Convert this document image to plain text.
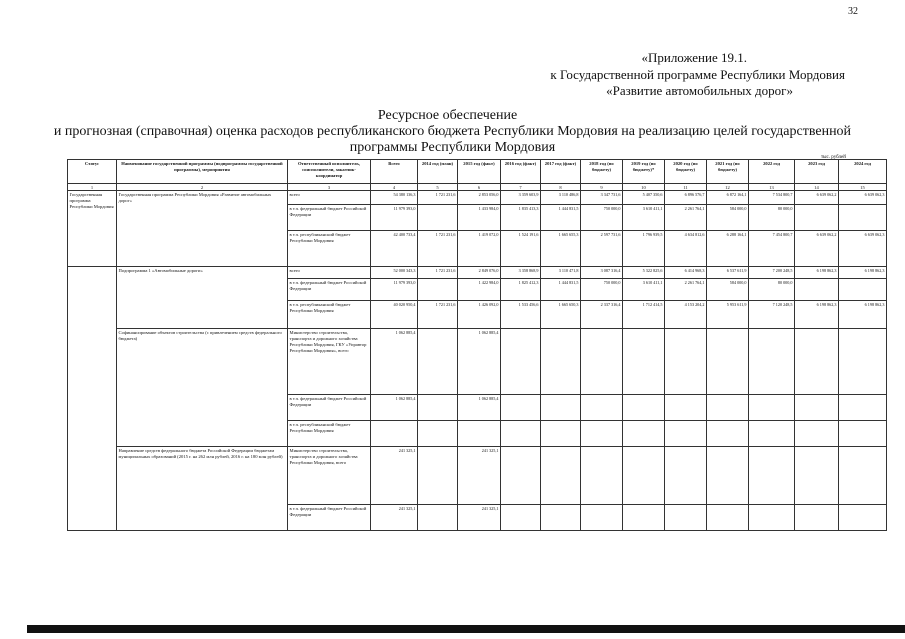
32
«Приложение 19.1.
к Государственной программе Республики Мордовия
«Развитие автомобильных дорог»
Ресурсное обеспечение
и прогнозная (справочная) оценка расходов республиканского бюджета Республики Мордовия на реализацию целей государственной
программы Республики Мордовия
тыс. рублей
Статус	Наименование государственной программы (подпрограммы государственной программы), мероприятия	Ответственный исполнитель, соисполнители, заказчик-координатор	Всего	2014 год (план)	2015 год (факт)	2016 год (факт)	2017 год (факт)	2018 год (по бюджету)	2019 год (по бюджету)*	2020 год (по бюджету)	2021 год (по бюджету)	2022 год	2023 год	2024 год
1	2	3	4	5	6	7	8	9	10	11	12	13	14	15
Государственная программа Республики Мордовия	Государственная программа Республики Мордовия «Развитие автомобильных дорог»	всего	54 380 136,3	1 721 231,6	2 853 056,0	3 359 603,9	3 110 486,8	3 347 731,6	5 407 350,6	6 896 576,7	6 872 164,1	7 534 800,7	6 639 062,2	6 639 062,3
		в т.ч. федеральный бюджет Российской Федерации	11 979 393,0		1 433 984,0	1 835 413,3	1 444 831,5	750 000,0	3 610 411,1	2 261 764,1	584 000,0	80 000,0		
		в т.ч. республиканский бюджет Республики Мордовия	42 400 733,4	1 721 231,6	1 419 072,0	1 524 191,6	1 665 655,3	2 597 731,6	1 796 939,5	4 634 812,6	6 288 164,1	7 454 800,7	6 639 062,2	6 639 062,3
	Подпрограмма 1 «Автомобильные дороги»	всего	52 000 343,3	1 721 231,6	2 849 076,0	3 358 868,9	3 110 471,8	3 087 316,4	5 322 825,6	6 414 968,3	6 537 611,9	7 200 248,5	6 198 862,3	6 198 862,3
		в т.ч. федеральный бюджет Российской Федерации	11 979 393,0		1 422 984,0	1 825 412,3	1 444 831,5	750 000,0	3 610 411,1	2 261 764,1	584 000,0	80 000,0		
		в т.ч. республиканский бюджет Республики Мордовия	40 020 950,4	1 721 231,6	1 426 092,0	1 533 456,6	1 665 650,3	2 337 316,4	1 712 414,5	4 153 204,2	5 953 611,9	7 120 248,5	6 198 862,3	6 198 862,3
	Софинансирование объектов строительства (с привлечением средств федерального бюджета)	Министерство строительства, транспорта и дорожного хозяйства Республики Мордовия, ГКУ «Управтор Республики Мордовия», всего	1 062 885,4		1 062 885,4									
		в т.ч. федеральный бюджет Российской Федерации	1 062 885,4		1 062 885,4									
		в т.ч. республиканский бюджет Республики Мордовия												
	Направление средств федерального бюджета Российской Федерации бюджетам муниципальных образований (2015 г. на 262 млн рублей, 2016 г. на 180 млн рублей)	Министерство строительства, транспорта и дорожного хозяйства Республики Мордовия, всего	241 325,1		241 325,1									
		в т.ч. федеральный бюджет Российской Федерации	241 325,1		241 325,1									
